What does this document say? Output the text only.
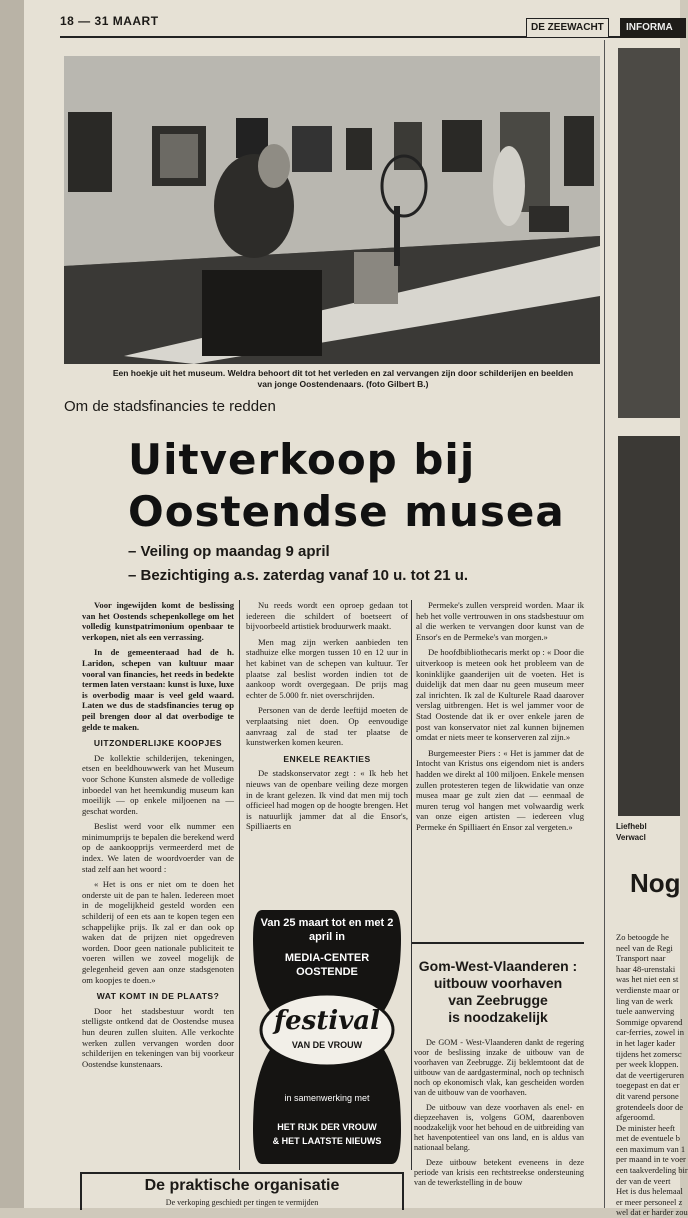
18 — 31 MAART	DE ZEEWACHT	INFORMA
Een hoekje uit het museum. Weldra behoort dit tot het verleden en zal vervangen zijn door schilderijen en beelden van jonge Oostendenaars. (foto Gilbert B.)
Om de stadsfinancies te redden
Uitverkoop bij
Oostendse musea
– Veiling op maandag 9 april
– Bezichtiging a.s. zaterdag vanaf 10 u. tot 21 u.

Voor ingewijden komt de beslissing van het Oostends schepenkollege om het volledig kunstpatrimonium openbaar te verkopen, niet als een verrassing.

In de gemeenteraad had de h. Laridon, schepen van kultuur maar vooral van financies, het reeds in bedekte termen laten verstaan: kunst is luxe, luxe is overbodig maar is veel geld waard. Laten we dus de stadsfinancies terug op peil brengen door al dat overbodige te gelde te maken.

UITZONDERLIJKE KOOPJES

De kollektie schilderijen, tekeningen, etsen en beeldhouwwerk van het Museum voor Schone Kunsten alsmede de volledige inboedel van het heemkundig museum kan moeilijk — op enkele miljoenen na — geschat worden.

Beslist werd voor elk nummer een minimumprijs te bepalen die berekend werd op de aankoopprijs vermeerderd met de index. We laten de woordvoerder van de stad zelf aan het woord :

« Het is ons er niet om te doen het onderste uit de pan te halen. Iedereen moet in de mogelijkheid gesteld worden een schilderij of een ets aan te kopen tegen een schappelijke prijs. Ik zal er dan ook op waken dat de prijzen niet opgedreven worden. Door geen nationale publiciteit te voeren willen we zoveel mogelijk de gelegenheid geven aan onze stadsgenoten om koopjes te doen.»

WAT KOMT IN DE PLAATS?

Door het stadsbestuur wordt ten stelligste ontkend dat de Oostendse musea hun deuren zullen sluiten. Alle verkochte werken zullen vervangen worden door schilderijen en tekeningen van bij voorkeur Oostendse kunstenaars.

Nu reeds wordt een oproep gedaan tot iedereen die schildert of boetseert of bijvoorbeeld artistiek broduurwerk maakt.

Men mag zijn werken aanbieden ten stadhuize elke morgen tussen 10 en 12 uur in het kabinet van de schepen van kultuur. Ter plaatse zal beslist worden indien tot de aankoop wordt overgegaan. De prijs mag echter de 5.000 fr. niet overschrijden.

Personen van de derde leeftijd moeten de verplaatsing niet doen. Op eenvoudige aanvraag zal de stad ter plaatse de kunstwerken komen keuren.

ENKELE REAKTIES

De stadskonservator zegt : « Ik heb het nieuws van de openbare veiling deze morgen in de krant gelezen. Ik vind dat men mij toch officieel had mogen op de hoogte brengen. Het is natuurlijk jammer dat al die Ensor's, Spilliaerts en

Permeke's zullen verspreid worden. Maar ik heb het volle vertrouwen in ons stadsbestuur om al die werken te vervangen door kunst van de Ensor's en de Permeke's van morgen.»

De hoofdbibliothecaris merkt op : « Door die uitverkoop is meteen ook het probleem van de koninklijke gaanderijen uit de voeten. Het is duidelijk dat men daar nu geen museum meer zal inrichten. Ik zal de Kulturele Raad daarover verslag uitbrengen. Het is wel jammer voor de Stad Oostende dat ik er over enkele jaren de post van konservator niet zal kunnen bijnemen omdat er niets meer te konserveren zal zijn.»

Burgemeester Piers : « Het is jammer dat de Intocht van Kristus ons eigendom niet is anders hadden we direkt al 100 miljoen. Enkele mensen zullen protesteren tegen de likwidatie van onze musea maar ge zult zien dat — eenmaal de muren terug vol hangen met volwaardig werk van onze eigen artisten — iedereen vlug Permeke én Spilliaert én Ensor zal vergeten.»

Van 25 maart tot en met 2 april in
MEDIA-CENTER
OOSTENDE
festival
VAN DE VROUW
in samenwerking met
HET RIJK DER VROUW
& HET LAATSTE NIEUWS
Gom-West-Vlaanderen :
uitbouw voorhaven
van Zeebrugge
is noodzakelijk

De GOM - West-Vlaanderen dankt de regering voor de beslissing inzake de uitbouw van de voorhaven van Zeebrugge. Zij beklemtoont dat de uitbouw van de aardgasterminal, noch op technisch noch op ekonomisch vlak, kan gescheiden worden van de uitbouw van de voorhaven.

De uitbouw van deze voorhaven als enel- en diepzeehaven is, volgens GOM, daarenboven noodzakelijk voor het behoud en de uitbreiding van het havenpotentieel van ons land, en is aldus van nationaal belang.

Deze uitbouw betekent eveneens in deze periode van krisis een rechtstreekse ondersteuning van de tewerkstelling in de bouw

De praktische organisatie
De verkoping geschiedt per tingen te vermijden
Liefhebl
Verwacl
Zo betoogde he
neel van de Regi
Transport naar
haar 48-urenstaki
was het niet een st
verdienste maar or
ling van de werk
tuele aanwerving
Sommige opvarend
car-ferries, zowel in
in het lager kader
tijdens het zomersc
per week kloppen.
dat de veertigeruren
toegepast en dat er
dit varend persone
grotendeels door de
afgeroomd.
De minister heeft
met de eventuele b
een maximum van 1
per maand in te voer
een taakverdeling bir
der van de veert
Het is dus helemaal
er meer personeel z
wel dat er harder zou
Nog
